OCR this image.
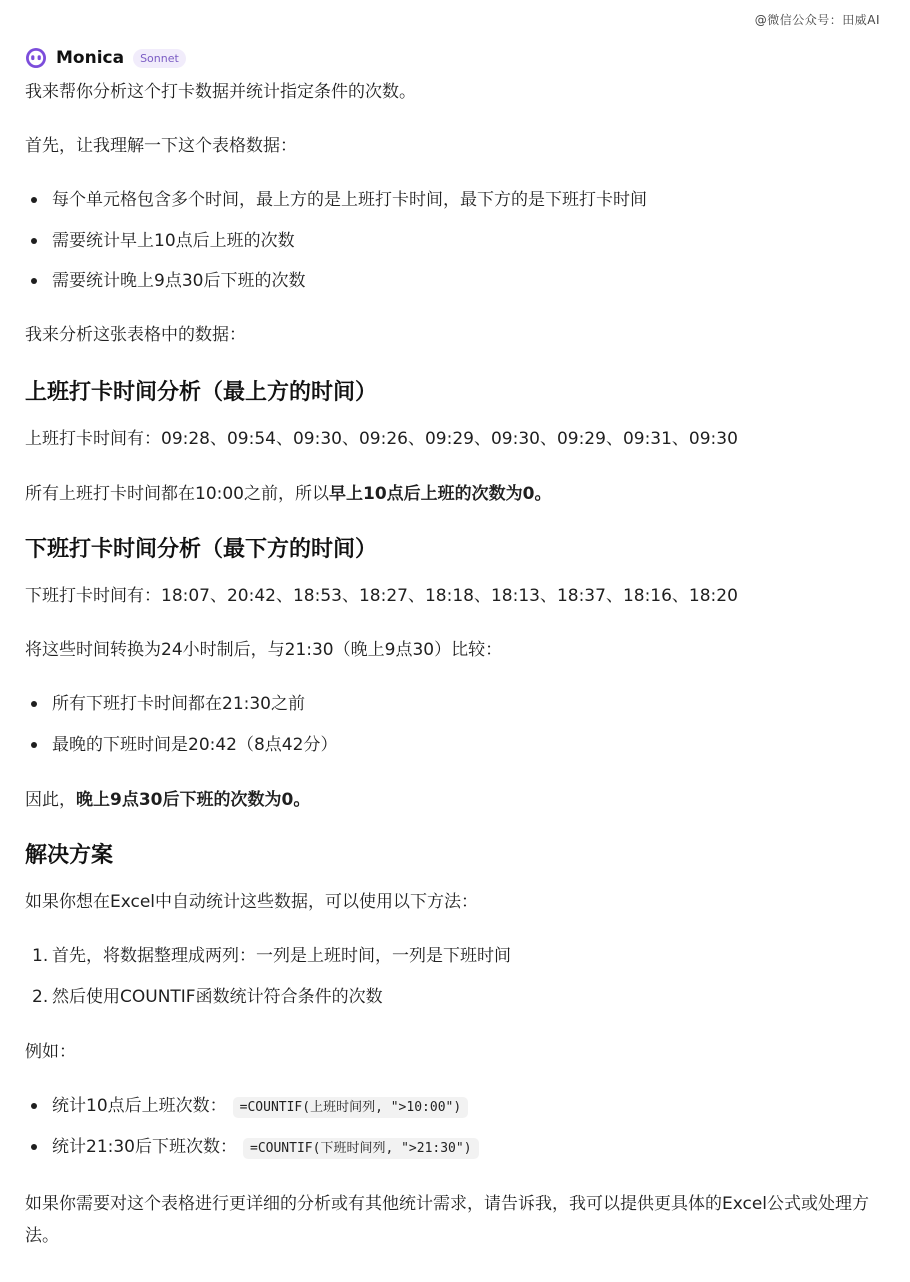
@微信公众号：田威AI
Monica	Sonnet
我来帮你分析这个打卡数据并统计指定条件的次数。
首先，让我理解一下这个表格数据：
每个单元格包含多个时间，最上方的是上班打卡时间，最下方的是下班打卡时间
需要统计早上10点后上班的次数
需要统计晚上9点30后下班的次数
我来分析这张表格中的数据：
上班打卡时间分析（最上方的时间）
上班打卡时间有：09:28、09:54、09:30、09:26、09:29、09:30、09:29、09:31、09:30
所有上班打卡时间都在10:00之前，所以早上10点后上班的次数为0。
下班打卡时间分析（最下方的时间）
下班打卡时间有：18:07、20:42、18:53、18:27、18:18、18:13、18:37、18:16、18:20
将这些时间转换为24小时制后，与21:30（晚上9点30）比较：
所有下班打卡时间都在21:30之前
最晚的下班时间是20:42（8点42分）
因此，晚上9点30后下班的次数为0。
解决方案
如果你想在Excel中自动统计这些数据，可以使用以下方法：
1. 首先，将数据整理成两列：一列是上班时间，一列是下班时间
2. 然后使用COUNTIF函数统计符合条件的次数
例如：
统计10点后上班次数： =COUNTIF(上班时间列, ">10:00")
统计21:30后下班次数： =COUNTIF(下班时间列, ">21:30")
如果你需要对这个表格进行更详细的分析或有其他统计需求，请告诉我，我可以提供更具体的Excel公式或处理方法。
